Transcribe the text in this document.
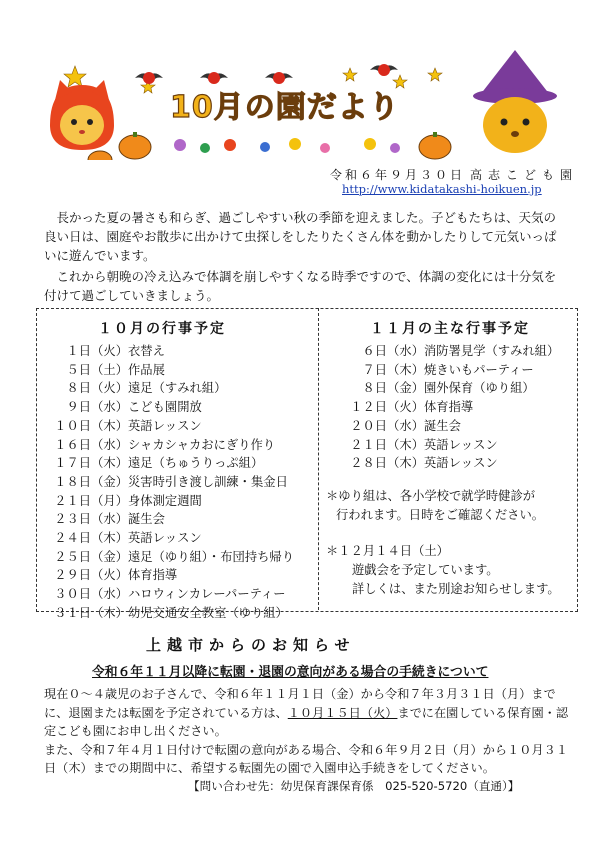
10月の園だより
令和６年９月３０日 高志こども園
http://www.kidatakashi-hoikuen.jp

長かった夏の暑さも和らぎ、過ごしやすい秋の季節を迎えました。子どもたちは、天気の良い日は、園庭やお散歩に出かけて虫探しをしたりたくさん体を動かしたりして元気いっぱいに遊んでいます。

これから朝晩の冷え込みで体調を崩しやすくなる時季ですので、体調の変化には十分気を付けて過ごしていきましょう。

１０月の行事予定
１日（火）衣替え
５日（土）作品展
８日（火）遠足（すみれ組）
９日（水）こども園開放
１０日（木）英語レッスン
１６日（水）シャカシャカおにぎり作り
１７日（木）遠足（ちゅうりっぷ組）
１８日（金）災害時引き渡し訓練・集金日
２１日（月）身体測定週間
２３日（水）誕生会
２４日（木）英語レッスン
２５日（金）遠足（ゆり組）・布団持ち帰り
２９日（火）体育指導
３０日（水）ハロウィンカレーパーティー
３１日（木）幼児交通安全教室（ゆり組）
１１月の主な行事予定
６日（水）消防署見学（すみれ組）
７日（木）焼きいもパーティー
８日（金）園外保育（ゆり組）
１２日（火）体育指導
２０日（水）誕生会
２１日（木）英語レッスン
２８日（木）英語レッスン
＊ゆり組は、各小学校で就学時健診が
行われます。日時をご確認ください。
＊１２月１４日（土）
遊戯会を予定しています。
詳しくは、また別途お知らせします。
上越市からのお知らせ
令和６年１１月以降に転園・退園の意向がある場合の手続きについて
現在０～４歳児のお子さんで、令和６年１１月１日（金）から令和７年３月３１日（月）までに、退園または転園を予定されている方は、１０月１５日（火）までに在園している保育園・認定こども園にお申し出ください。
また、令和７年４月１日付けで転園の意向がある場合、令和６年９月２日（月）から１０月３１日（木）までの期間中に、希望する転園先の園で入園申込手続きをしてください。
【問い合わせ先：幼児保育課保育係　025-520-5720（直通）】
